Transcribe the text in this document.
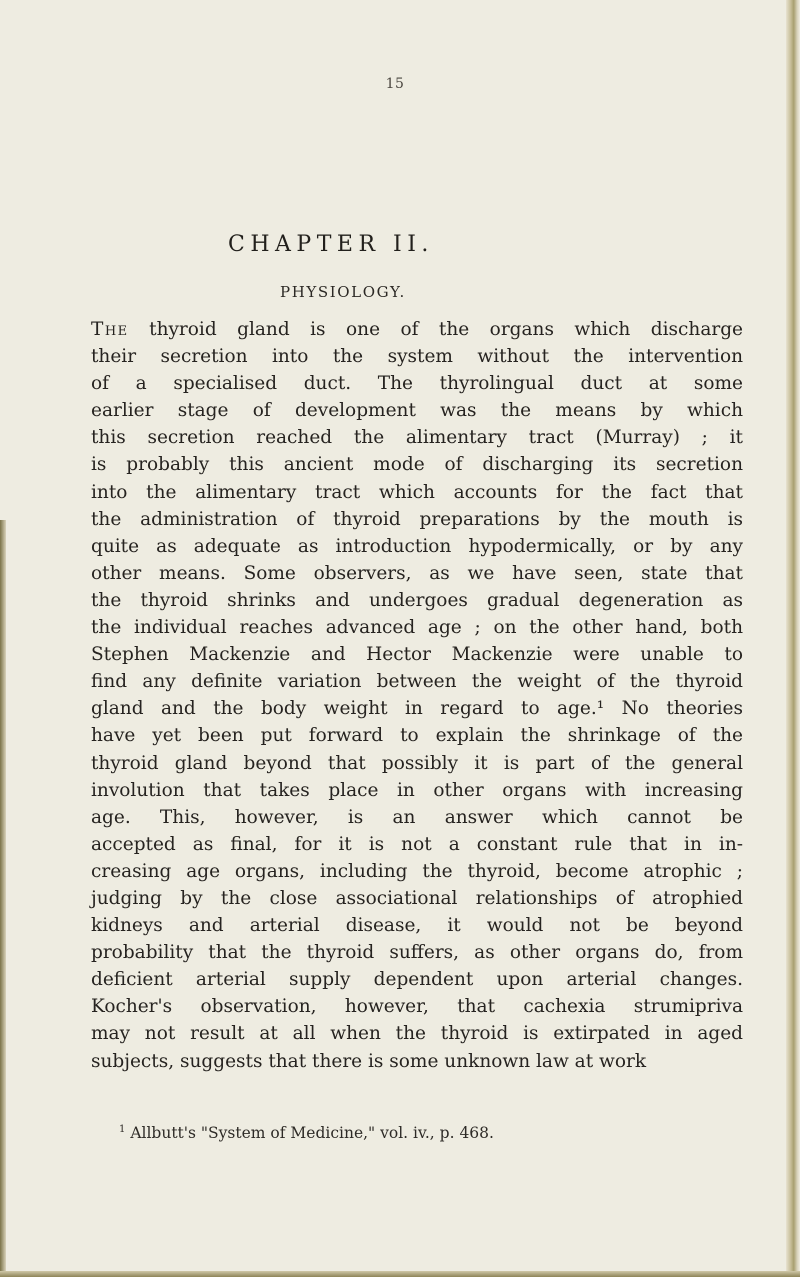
15
CHAPTER II.
PHYSIOLOGY.
The thyroid gland is one of the organs which discharge
their secretion into the system without the intervention
of a specialised duct. The thyrolingual duct at some
earlier stage of development was the means by which
this secretion reached the alimentary tract (Murray) ; it
is probably this ancient mode of discharging its secretion
into the alimentary tract which accounts for the fact that
the administration of thyroid preparations by the mouth is
quite as adequate as introduction hypodermically, or by any
other means. Some observers, as we have seen, state that
the thyroid shrinks and undergoes gradual degeneration as
the individual reaches advanced age ; on the other hand, both
Stephen Mackenzie and Hector Mackenzie were unable to
find any definite variation between the weight of the thyroid
gland and the body weight in regard to age.¹ No theories
have yet been put forward to explain the shrinkage of the
thyroid gland beyond that possibly it is part of the general
involution that takes place in other organs with increasing
age. This, however, is an answer which cannot be
accepted as final, for it is not a constant rule that in in-
creasing age organs, including the thyroid, become atrophic ;
judging by the close associational relationships of atrophied
kidneys and arterial disease, it would not be beyond
probability that the thyroid suffers, as other organs do, from
deficient arterial supply dependent upon arterial changes.
Kocher's observation, however, that cachexia strumipriva
may not result at all when the thyroid is extirpated in aged
subjects, suggests that there is some unknown law at work
$^1$ Allbutt's "System of Medicine," vol. iv., p. 468.
